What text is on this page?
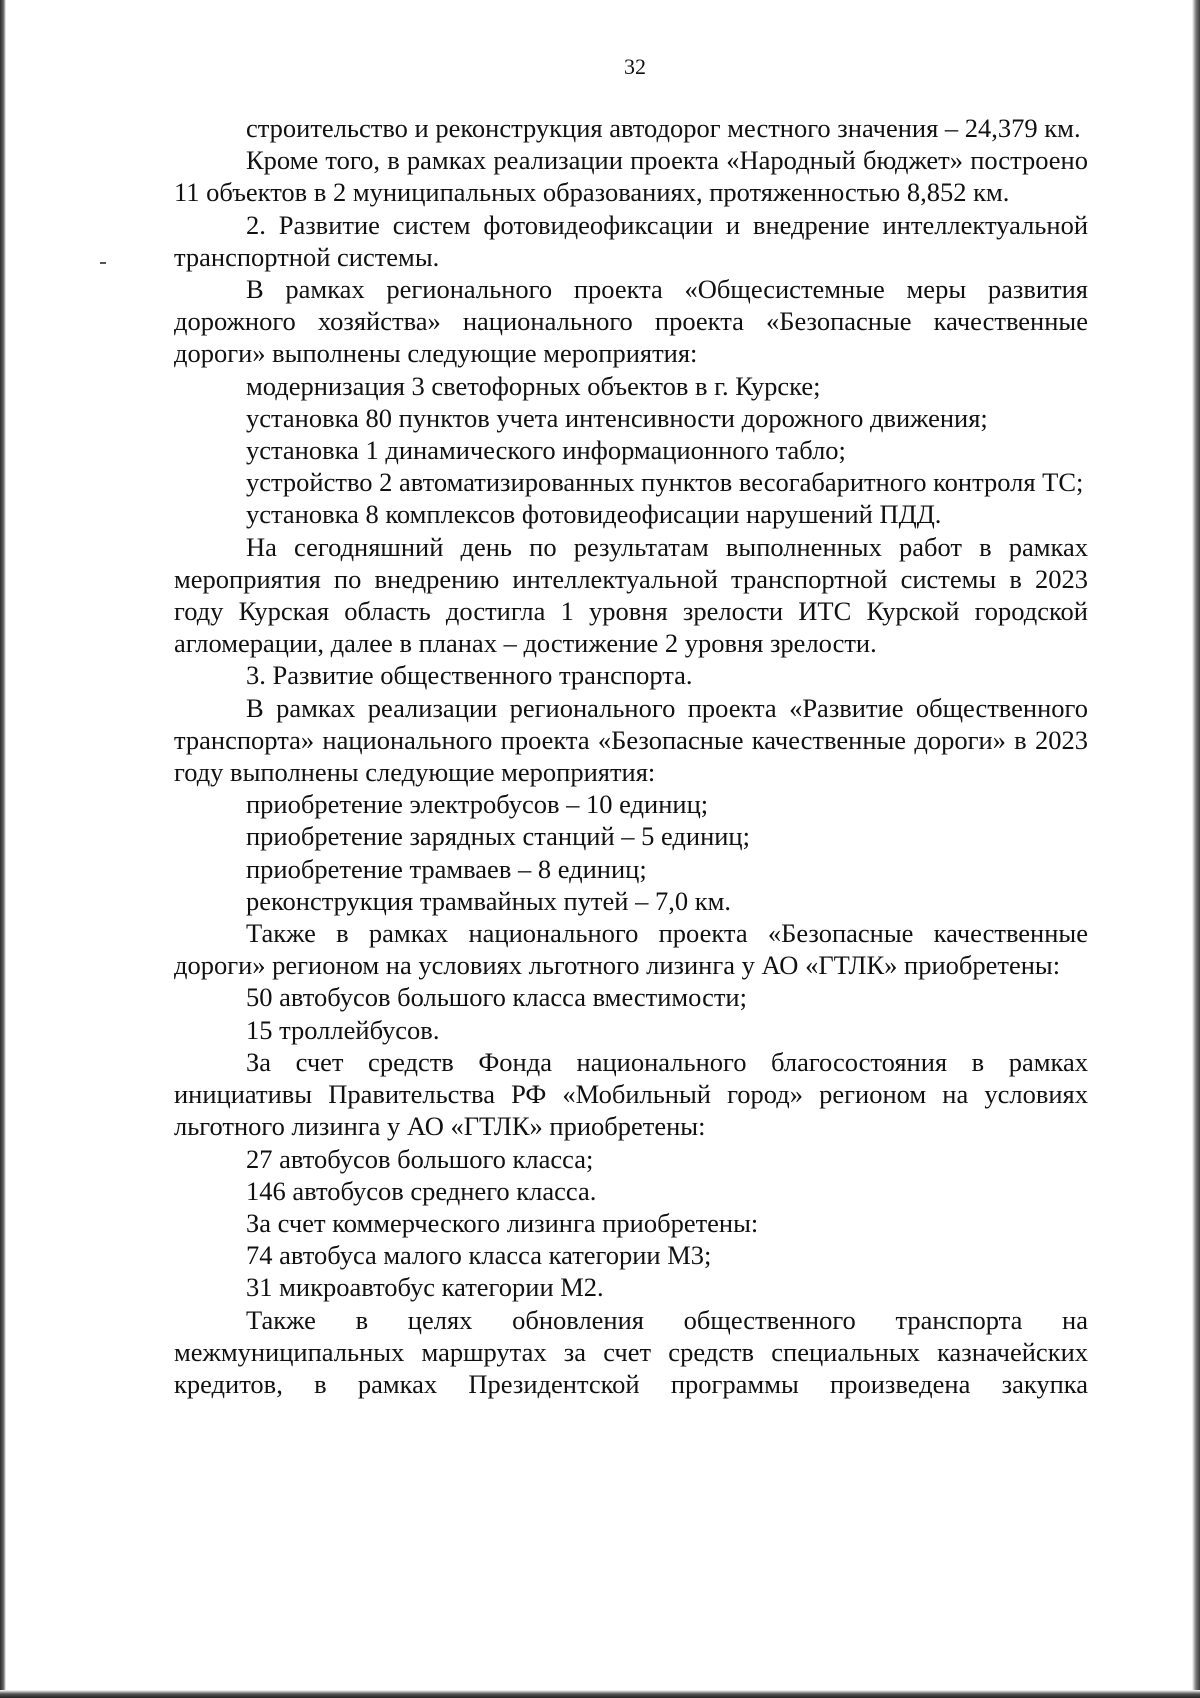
32

строительство и реконструкция автодорог местного значения – 24,379 км.

Кроме того, в рамках реализации проекта «Народный бюджет» построено 11 объектов в 2 муниципальных образованиях, протяженностью 8,852 км.

2. Развитие систем фотовидеофиксации и внедрение интеллектуальной транспортной системы.

В рамках регионального проекта «Общесистемные меры развития дорожного хозяйства» национального проекта «Безопасные качественные дороги» выполнены следующие мероприятия:

модернизация 3 светофорных объектов в г. Курске;

установка 80 пунктов учета интенсивности дорожного движения;

установка 1 динамического информационного табло;

устройство 2 автоматизированных пунктов весогабаритного контроля ТС;

установка 8 комплексов фотовидеофисации нарушений ПДД.

На сегодняшний день по результатам выполненных работ в рамках мероприятия по внедрению интеллектуальной транспортной системы в 2023 году Курская область достигла 1 уровня зрелости ИТС Курской городской агломерации, далее в планах – достижение 2 уровня зрелости.

3. Развитие общественного транспорта.

В рамках реализации регионального проекта «Развитие общественного транспорта» национального проекта «Безопасные качественные дороги» в 2023 году выполнены следующие мероприятия:

приобретение электробусов – 10 единиц;

приобретение зарядных станций – 5 единиц;

приобретение трамваев – 8 единиц;

реконструкция трамвайных путей – 7,0 км.

Также в рамках национального проекта «Безопасные качественные дороги» регионом на условиях льготного лизинга у АО «ГТЛК» приобретены:

50 автобусов большого класса вместимости;

15 троллейбусов.

За счет средств Фонда национального благосостояния в рамках инициативы Правительства РФ «Мобильный город» регионом на условиях льготного лизинга у АО «ГТЛК» приобретены:

27 автобусов большого класса;

146 автобусов среднего класса.

За счет коммерческого лизинга приобретены:

74 автобуса малого класса категории М3;

31 микроавтобус категории М2.

Также в целях обновления общественного транспорта на межмуниципальных маршрутах за счет средств специальных казначейских кредитов, в рамках Президентской программы произведена закупка
